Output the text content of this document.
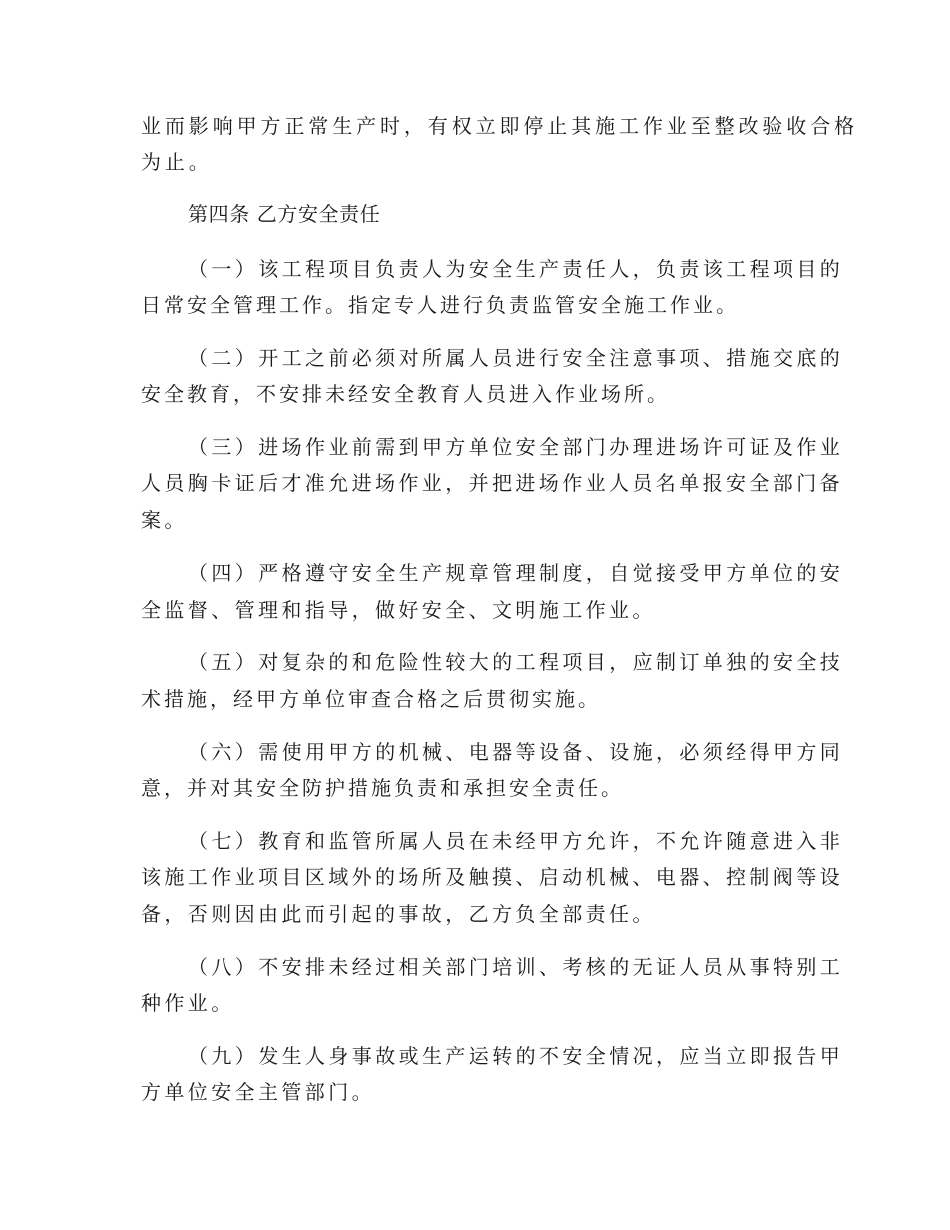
业而影响甲方正常生产时，有权立即停止其施工作业至整改验收合格
为止。
第四条 乙方安全责任
（一）该工程项目负责人为安全生产责任人，负责该工程项目的
日常安全管理工作。指定专人进行负责监管安全施工作业。
（二）开工之前必须对所属人员进行安全注意事项、措施交底的
安全教育，不安排未经安全教育人员进入作业场所。
（三）进场作业前需到甲方单位安全部门办理进场许可证及作业
人员胸卡证后才准允进场作业，并把进场作业人员名单报安全部门备
案。
（四）严格遵守安全生产规章管理制度，自觉接受甲方单位的安
全监督、管理和指导，做好安全、文明施工作业。
（五）对复杂的和危险性较大的工程项目，应制订单独的安全技
术措施，经甲方单位审查合格之后贯彻实施。
（六）需使用甲方的机械、电器等设备、设施，必须经得甲方同
意，并对其安全防护措施负责和承担安全责任。
（七）教育和监管所属人员在未经甲方允许，不允许随意进入非
该施工作业项目区域外的场所及触摸、启动机械、电器、控制阀等设
备，否则因由此而引起的事故，乙方负全部责任。
（八）不安排未经过相关部门培训、考核的无证人员从事特别工
种作业。
（九）发生人身事故或生产运转的不安全情况，应当立即报告甲
方单位安全主管部门。
